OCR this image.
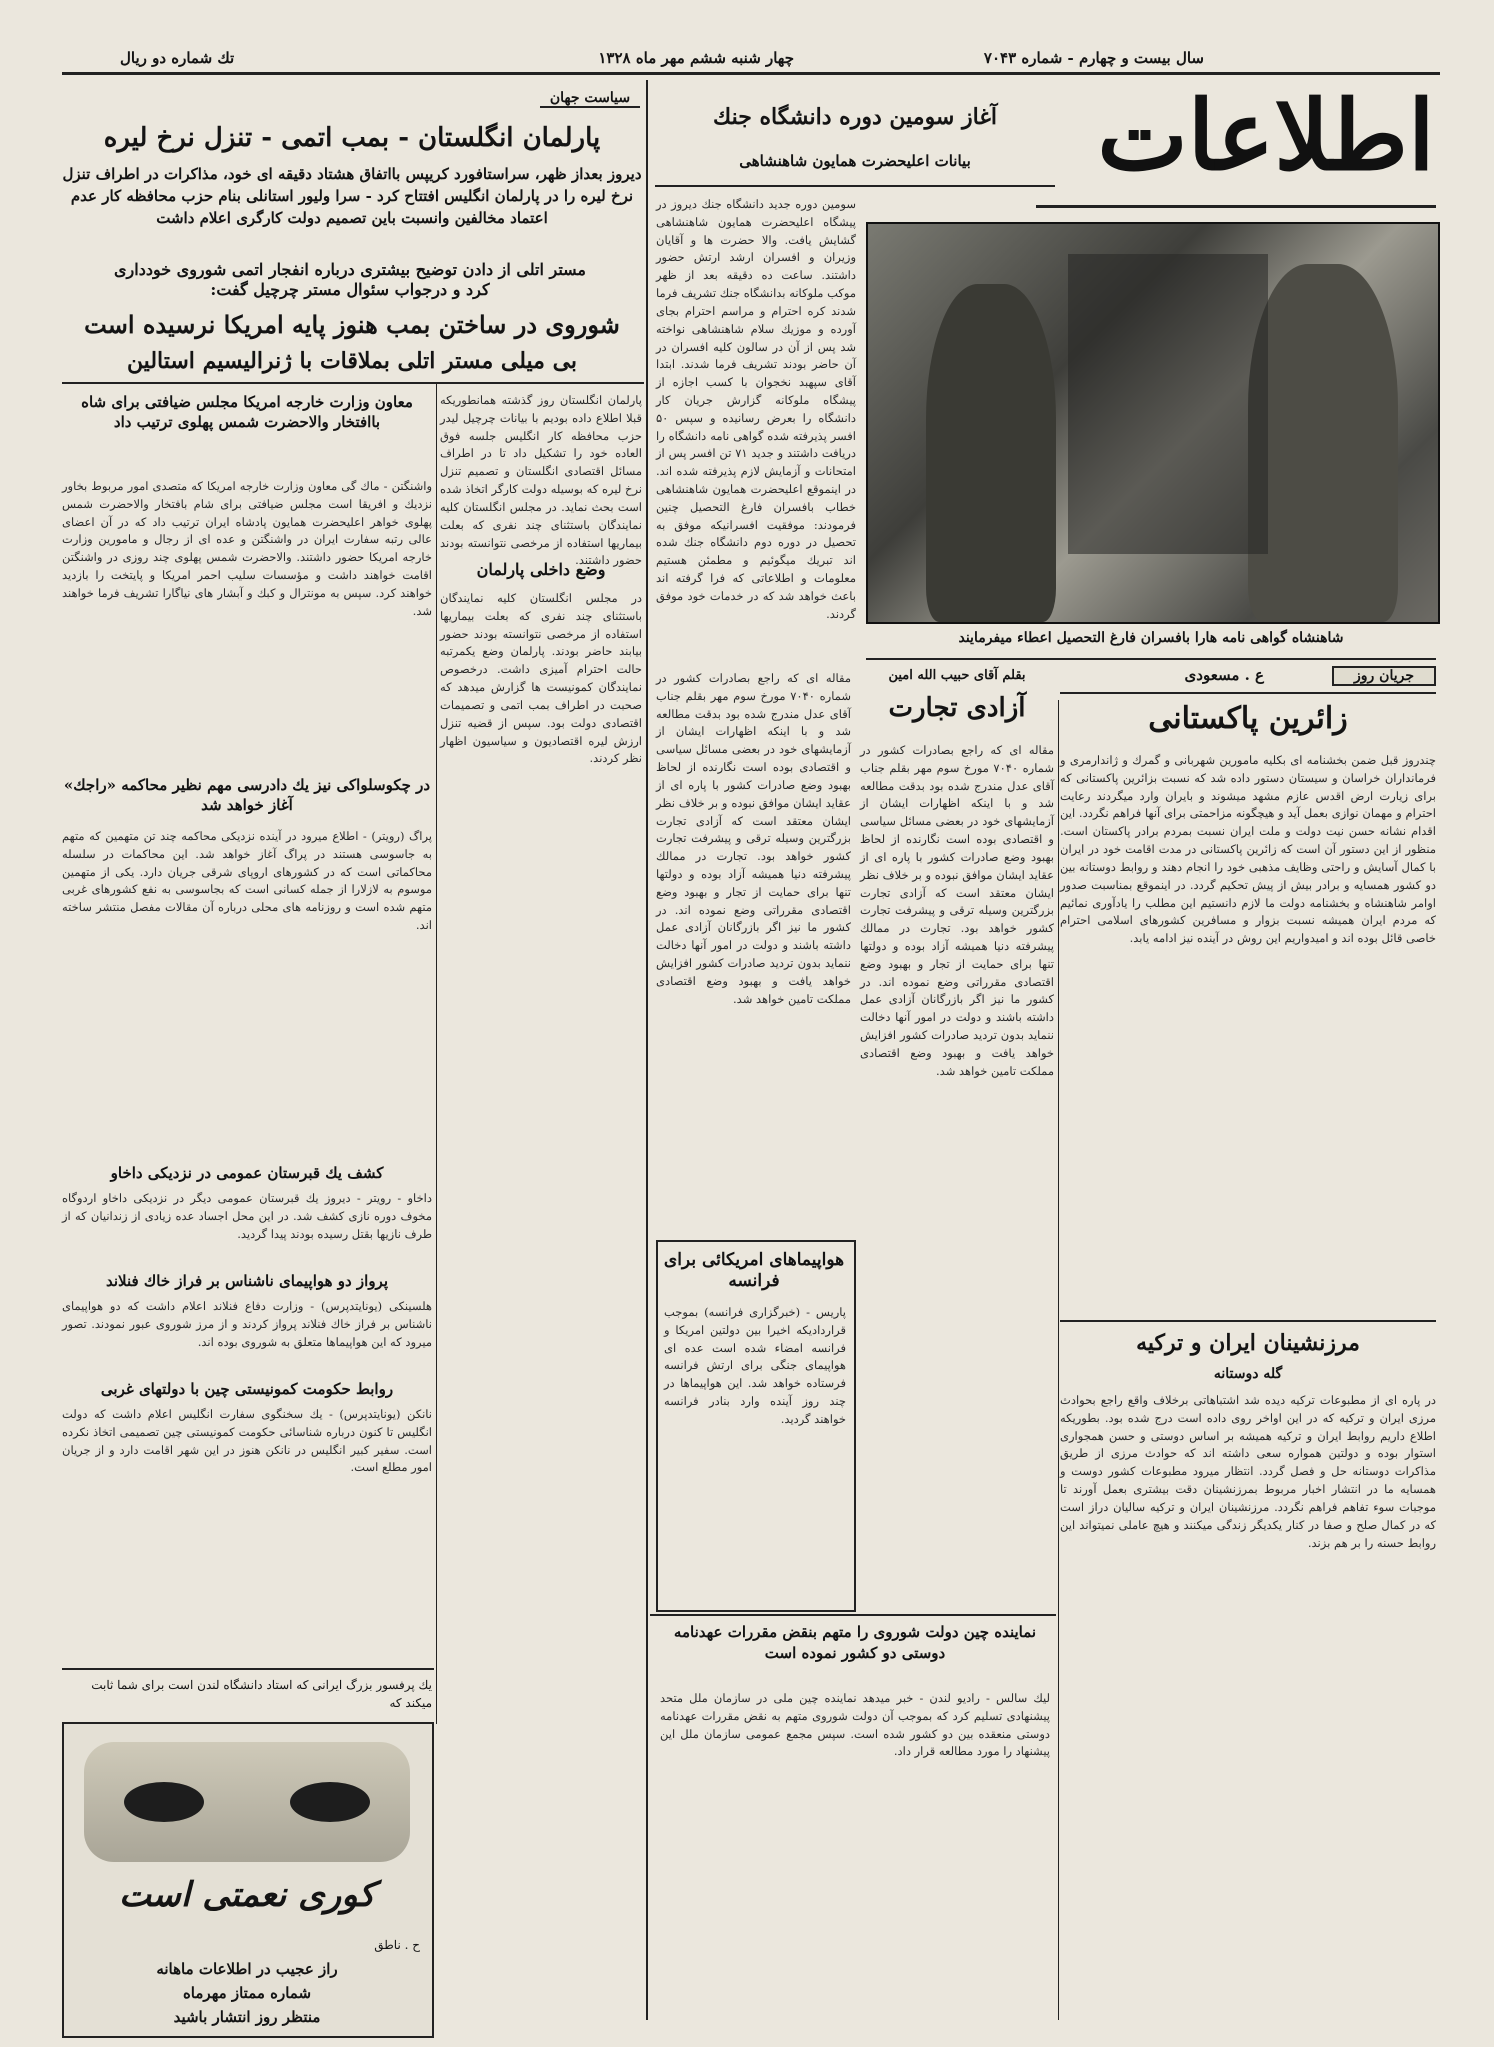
سال بیست و چهارم - شماره ۷۰۴۳
چهار شنبه ششم مهر ماه ۱۳۲۸
تك شماره دو ریال
اطلاعات
آغاز سومین دوره دانشگاه جنك
بیانات اعلیحضرت همایون شاهنشاهی
سومین دوره جدید دانشگاه جنك دیروز در پیشگاه اعلیحضرت همایون شاهنشاهی گشایش یافت. والا حضرت ها و آقایان وزیران و افسران ارشد ارتش حضور داشتند. ساعت ده دقیقه بعد از ظهر موکب ملوکانه بدانشگاه جنك تشریف فرما شدند کره احترام و مراسم احترام بجای آورده و موزیك سلام شاهنشاهی نواخته شد پس از آن در سالون کلیه افسران در آن حاضر بودند تشریف فرما شدند. ابتدا آقای سپهبد نخجوان با کسب اجازه از پیشگاه ملوکانه گزارش جریان کار دانشگاه را بعرض رسانیده و سپس ۵۰ افسر پذیرفته شده گواهی نامه دانشگاه را دریافت داشتند و جدید ۷۱ تن افسر پس از امتحانات و آزمایش لازم پذیرفته شده اند. در اینموقع اعلیحضرت همایون شاهنشاهی خطاب بافسران فارغ التحصیل چنین فرمودند: موفقیت افسرانیکه موفق به تحصیل در دوره دوم دانشگاه جنك شده اند تبریك میگوئیم و مطمئن هستیم معلومات و اطلاعاتی که فرا گرفته اند باعث خواهد شد که در خدمات خود موفق گردند.
شاهنشاه گواهی نامه هارا بافسران فارغ التحصیل اعطاء میفرمایند
سیاست جهان
پارلمان انگلستان - بمب اتمی - تنزل نرخ لیره
دیروز بعداز ظهر، سراستافورد کریپس بااتفاق هشتاد دقیقه ای خود، مذاکرات در اطراف تنزل نرخ لیره را در پارلمان انگلیس افتتاح کرد - سرا ولیور استانلی بنام حزب محافظه کار عدم اعتماد مخالفین وانسبت باین تصمیم دولت کارگری اعلام داشت
مستر اتلی از دادن توضیح بیشتری درباره انفجار اتمی شوروی خودداری کرد و درجواب سئوال مستر چرچیل گفت:
شوروی در ساختن بمب هنوز پایه امریکا نرسیده است
بی میلی مستر اتلی بملاقات با ژنرالیسیم استالین
پارلمان انگلستان روز گذشته همانطوریکه قبلا اطلاع داده بودیم با بیانات چرچیل لیدر حزب محافظه کار انگلیس جلسه فوق العاده خود را تشکیل داد تا در اطراف مسائل اقتصادی انگلستان و تصمیم تنزل نرخ لیره که بوسیله دولت کارگر اتخاذ شده است بحث نماید. در مجلس انگلستان کلیه نمایندگان باستثنای چند نفری که بعلت بیماریها استفاده از مرخصی نتوانسته بودند حضور داشتند.
وضع داخلی پارلمان
در مجلس انگلستان کلیه نمایندگان باستثنای چند نفری که بعلت بیماریها استفاده از مرخصی نتوانسته بودند حضور بیابند حاضر بودند. پارلمان وضع یکمرتبه حالت احترام آمیزی داشت. درخصوص نمایندگان کمونیست ها گزارش میدهد که صحبت در اطراف بمب اتمی و تصمیمات اقتصادی دولت بود. سپس از قضیه تنزل ارزش لیره اقتصادیون و سیاسیون اظهار نظر کردند.
معاون وزارت خارجه امریکا مجلس ضیافتی برای شاه باافتخار والاحضرت شمس پهلوی ترتیب داد
واشنگتن - ماك گی معاون وزارت خارجه امریکا که متصدی امور مربوط بخاور نزدیك و افریقا است مجلس ضیافتی برای شام بافتخار والاحضرت شمس پهلوی خواهر اعلیحضرت همایون پادشاه ایران ترتیب داد که در آن اعضای عالی رتبه سفارت ایران در واشنگتن و عده ای از رجال و مامورین وزارت خارجه امریکا حضور داشتند. والاحضرت شمس پهلوی چند روزی در واشنگتن اقامت خواهند داشت و مؤسسات سلیب احمر امریکا و پایتخت را بازدید خواهند کرد. سپس به مونترال و کبك و آبشار های نیاگارا تشریف فرما خواهند شد.
در چکوسلواکی نیز یك دادرسی مهم نظیر محاکمه «راجك» آغاز خواهد شد
پراگ (رویتر) - اطلاع میرود در آینده نزدیکی محاکمه چند تن متهمین که متهم به جاسوسی هستند در پراگ آغاز خواهد شد. این محاکمات در سلسله محاکماتی است که در کشورهای اروپای شرقی جریان دارد. یکی از متهمین موسوم به لازلارا از جمله کسانی است که بجاسوسی به نفع کشورهای غربی متهم شده است و روزنامه های محلی درباره آن مقالات مفصل منتشر ساخته اند.
کشف یك قبرستان عمومی در نزدیکی داخاو
داخاو - رویتر - دیروز یك قبرستان عمومی دیگر در نزدیکی داخاو اردوگاه مخوف دوره نازی کشف شد. در این محل اجساد عده زیادی از زندانیان که از طرف نازیها بقتل رسیده بودند پیدا گردید.
پرواز دو هواپیمای ناشناس بر فراز خاك فنلاند
هلسینکی (یونایتدپرس) - وزارت دفاع فنلاند اعلام داشت که دو هواپیمای ناشناس بر فراز خاك فنلاند پرواز کردند و از مرز شوروی عبور نمودند. تصور میرود که این هواپیماها متعلق به شوروی بوده اند.
روابط حکومت کمونیستی چین با دولتهای غربی
نانکن (یونایتدپرس) - یك سخنگوی سفارت انگلیس اعلام داشت که دولت انگلیس تا کنون درباره شناسائی حکومت کمونیستی چین تصمیمی اتخاذ نکرده است. سفیر کبیر انگلیس در نانکن هنوز در این شهر اقامت دارد و از جریان امور مطلع است.
یك پرفسور بزرگ ایرانی که استاد دانشگاه لندن است برای شما ثابت میکند که
کوری نعمتی است
ح . ناطق
راز عجیب در اطلاعات ماهانه
شماره ممتاز مهرماه
منتظر روز انتشار باشید
بقلم آقای حبیب الله امین
آزادی تجارت
مقاله ای که راجع بصادرات کشور در شماره ۷۰۴۰ مورخ سوم مهر بقلم جناب آقای عدل مندرج شده بود بدقت مطالعه شد و با اینکه اظهارات ایشان از آزمایشهای خود در بعضی مسائل سیاسی و اقتصادی بوده است نگارنده از لحاظ بهبود وضع صادرات کشور با پاره ای از عقاید ایشان موافق نبوده و بر خلاف نظر ایشان معتقد است که آزادی تجارت بزرگترین وسیله ترقی و پیشرفت تجارت کشور خواهد بود. تجارت در ممالك پیشرفته دنیا همیشه آزاد بوده و دولتها تنها برای حمایت از تجار و بهبود وضع اقتصادی مقرراتی وضع نموده اند. در کشور ما نیز اگر بازرگانان آزادی عمل داشته باشند و دولت در امور آنها دخالت ننماید بدون تردید صادرات کشور افزایش خواهد یافت و بهبود وضع اقتصادی مملکت تامین خواهد شد.
مقاله ای که راجع بصادرات کشور در شماره ۷۰۴۰ مورخ سوم مهر بقلم جناب آقای عدل مندرج شده بود بدقت مطالعه شد و با اینکه اظهارات ایشان از آزمایشهای خود در بعضی مسائل سیاسی و اقتصادی بوده است نگارنده از لحاظ بهبود وضع صادرات کشور با پاره ای از عقاید ایشان موافق نبوده و بر خلاف نظر ایشان معتقد است که آزادی تجارت بزرگترین وسیله ترقی و پیشرفت تجارت کشور خواهد بود. تجارت در ممالك پیشرفته دنیا همیشه آزاد بوده و دولتها تنها برای حمایت از تجار و بهبود وضع اقتصادی مقرراتی وضع نموده اند. در کشور ما نیز اگر بازرگانان آزادی عمل داشته باشند و دولت در امور آنها دخالت ننماید بدون تردید صادرات کشور افزایش خواهد یافت و بهبود وضع اقتصادی مملکت تامین خواهد شد.
هواپیماهای امریکائی برای فرانسه
پاریس - (خبرگزاری فرانسه) بموجب قراردادیکه اخیرا بین دولتین امریکا و فرانسه امضاء شده است عده ای هواپیمای جنگی برای ارتش فرانسه فرستاده خواهد شد. این هواپیماها در چند روز آینده وارد بنادر فرانسه خواهند گردید.
نماینده چین دولت شوروی را متهم بنقض مقررات عهدنامه دوستی دو کشور نموده است
لیك سالس - رادیو لندن - خبر میدهد نماینده چین ملی در سازمان ملل متحد پیشنهادی تسلیم کرد که بموجب آن دولت شوروی متهم به نقض مقررات عهدنامه دوستی منعقده بین دو کشور شده است. سپس مجمع عمومی سازمان ملل این پیشنهاد را مورد مطالعه قرار داد.
جریان روز
ع . مسعودی
زائرین پاکستانی
چندروز قبل ضمن بخشنامه ای بکلیه مامورین شهربانی و گمرك و ژاندارمری و فرمانداران خراسان و سیستان دستور داده شد که نسبت بزائرین پاکستانی که برای زیارت ارض اقدس عازم مشهد میشوند و بایران وارد میگردند رعایت احترام و مهمان نوازی بعمل آید و هیچگونه مزاحمتی برای آنها فراهم نگردد. این اقدام نشانه حسن نیت دولت و ملت ایران نسبت بمردم برادر پاکستان است. منظور از این دستور آن است که زائرین پاکستانی در مدت اقامت خود در ایران با کمال آسایش و راحتی وظایف مذهبی خود را انجام دهند و روابط دوستانه بین دو کشور همسایه و برادر بیش از پیش تحکیم گردد. در اینموقع بمناسبت صدور اوامر شاهنشاه و بخشنامه دولت ما لازم دانستیم این مطلب را یادآوری نمائیم که مردم ایران همیشه نسبت بزوار و مسافرین کشورهای اسلامی احترام خاصی قائل بوده اند و امیدواریم این روش در آینده نیز ادامه یابد.
مرزنشینان ایران و ترکیه
گله دوستانه
در پاره ای از مطبوعات ترکیه دیده شد اشتباهاتی برخلاف واقع راجع بحوادث مرزی ایران و ترکیه که در این اواخر روی داده است درج شده بود. بطوریکه اطلاع داریم روابط ایران و ترکیه همیشه بر اساس دوستی و حسن همجواری استوار بوده و دولتین همواره سعی داشته اند که حوادث مرزی از طریق مذاکرات دوستانه حل و فصل گردد. انتظار میرود مطبوعات کشور دوست و همسایه ما در انتشار اخبار مربوط بمرزنشینان دقت بیشتری بعمل آورند تا موجبات سوء تفاهم فراهم نگردد. مرزنشینان ایران و ترکیه سالیان دراز است که در کمال صلح و صفا در کنار یکدیگر زندگی میکنند و هیچ عاملی نمیتواند این روابط حسنه را بر هم بزند.
